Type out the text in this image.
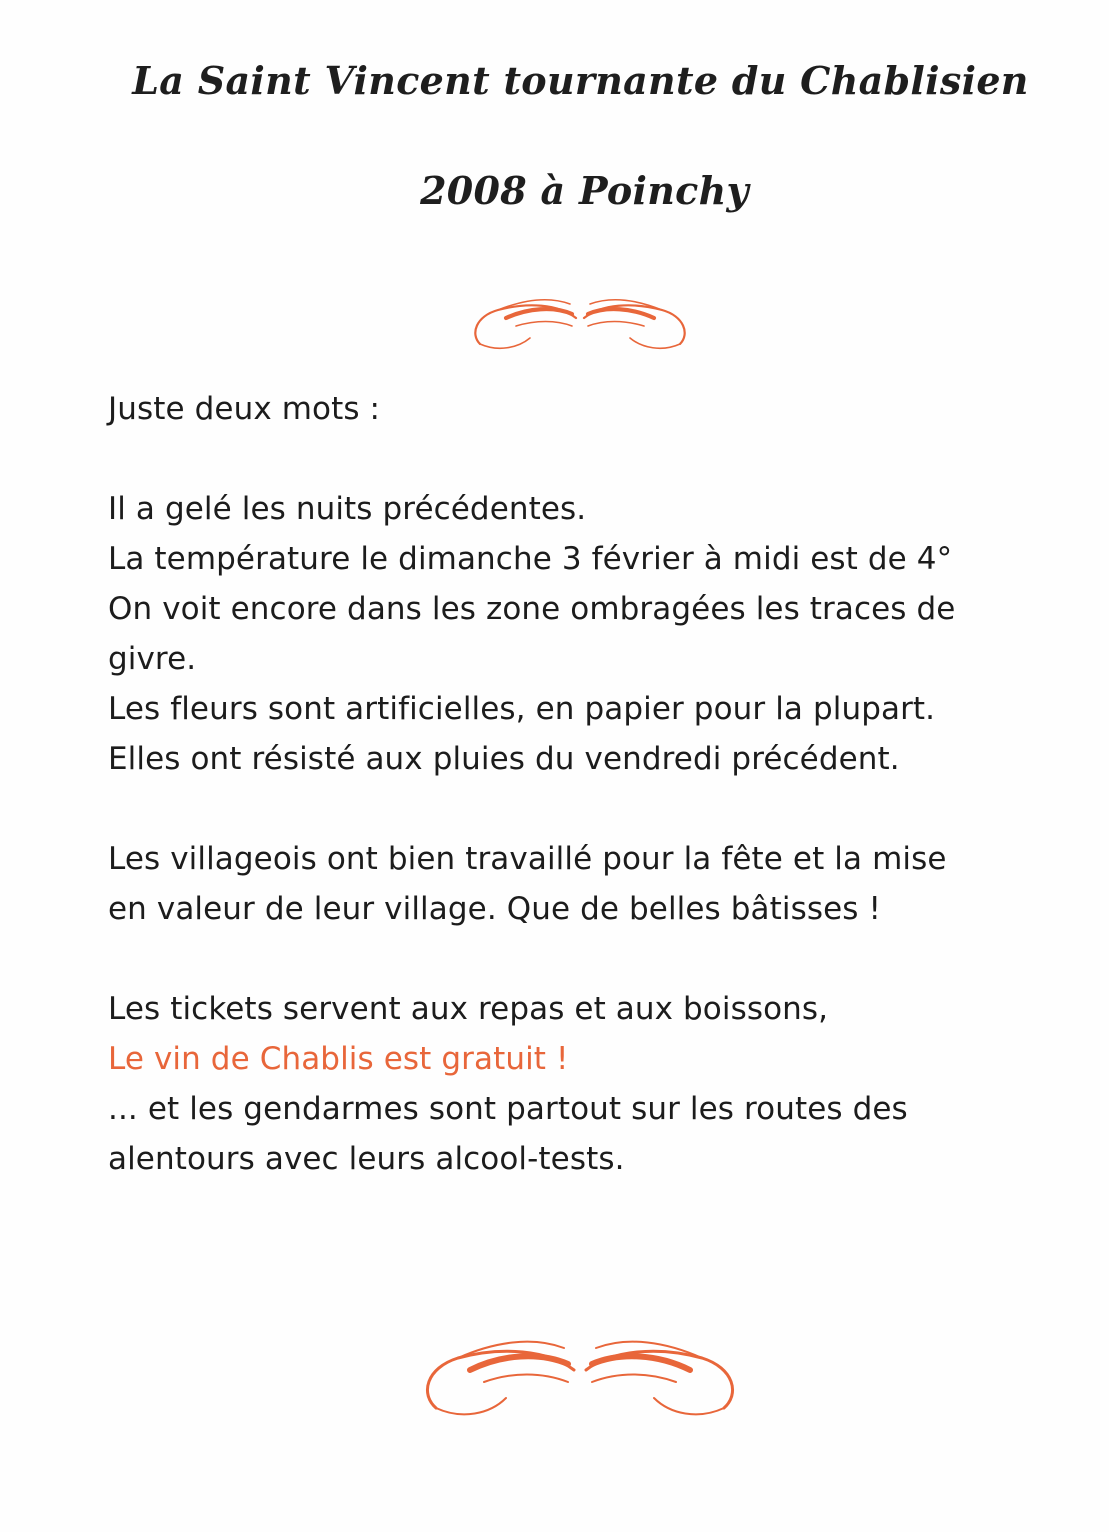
La Saint Vincent tournante du Chablisien
2008 à Poinchy
Juste deux mots :
Il a gelé les nuits précédentes.
La température le dimanche 3 février à midi est de 4°
On voit encore dans les zone ombragées les traces de
givre.
Les fleurs sont artificielles, en papier pour la plupart.
Elles ont résisté aux pluies du vendredi précédent.
Les villageois ont bien travaillé pour la fête et la mise
en valeur de leur village. Que de belles bâtisses !
Les tickets servent aux repas et aux boissons,
Le vin de Chablis est gratuit !
... et les gendarmes sont partout sur les routes des
alentours avec leurs alcool-tests.
